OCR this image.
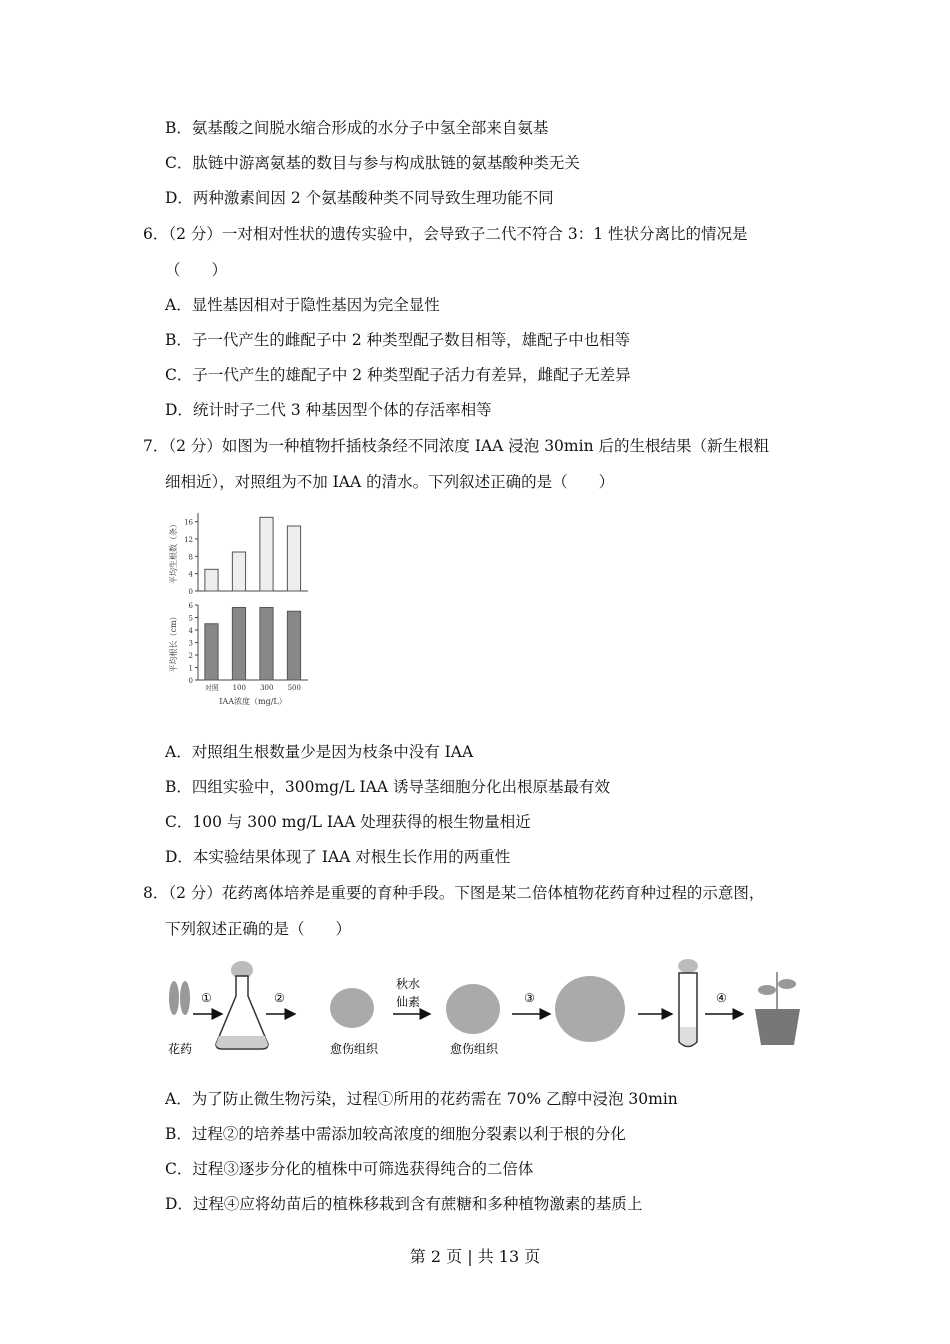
B．氨基酸之间脱水缩合形成的水分子中氢全部来自氨基
C．肽链中游离氨基的数目与参与构成肽链的氨基酸种类无关
D．两种激素间因 2 个氨基酸种类不同导致生理功能不同
6．（2 分）一对相对性状的遗传实验中，会导致子二代不符合 3：1 性状分离比的情况是
（　　）
A．显性基因相对于隐性基因为完全显性
B．子一代产生的雌配子中 2 种类型配子数目相等，雄配子中也相等
C．子一代产生的雄配子中 2 种类型配子活力有差异，雌配子无差异
D．统计时子二代 3 种基因型个体的存活率相等
7．（2 分）如图为一种植物扦插枝条经不同浓度 IAA 浸泡 30min 后的生根结果（新生根粗
细相近），对照组为不加 IAA 的清水。下列叙述正确的是（　　）
0
4
8
12
16
平均生根数（条）
0
1
2
3
4
5
6
平均根长（cm）
对照 100 300 500
IAA浓度（mg/L）
A．对照组生根数量少是因为枝条中没有 IAA
B．四组实验中，300mg/L IAA 诱导茎细胞分化出根原基最有效
C．100 与 300 mg/L IAA 处理获得的根生物量相近
D．本实验结果体现了 IAA 对根生长作用的两重性
8．（2 分）花药离体培养是重要的育种手段。下图是某二倍体植物花药育种过程的示意图，
下列叙述正确的是（　　）
花药
①	②
愈伤组织
秋水
仙素
愈伤组织
③	④
A．为了防止微生物污染，过程①所用的花药需在 70% 乙醇中浸泡 30min
B．过程②的培养基中需添加较高浓度的细胞分裂素以利于根的分化
C．过程③逐步分化的植株中可筛选获得纯合的二倍体
D．过程④应将幼苗后的植株移栽到含有蔗糖和多种植物激素的基质上
第 2 页 | 共 13 页
